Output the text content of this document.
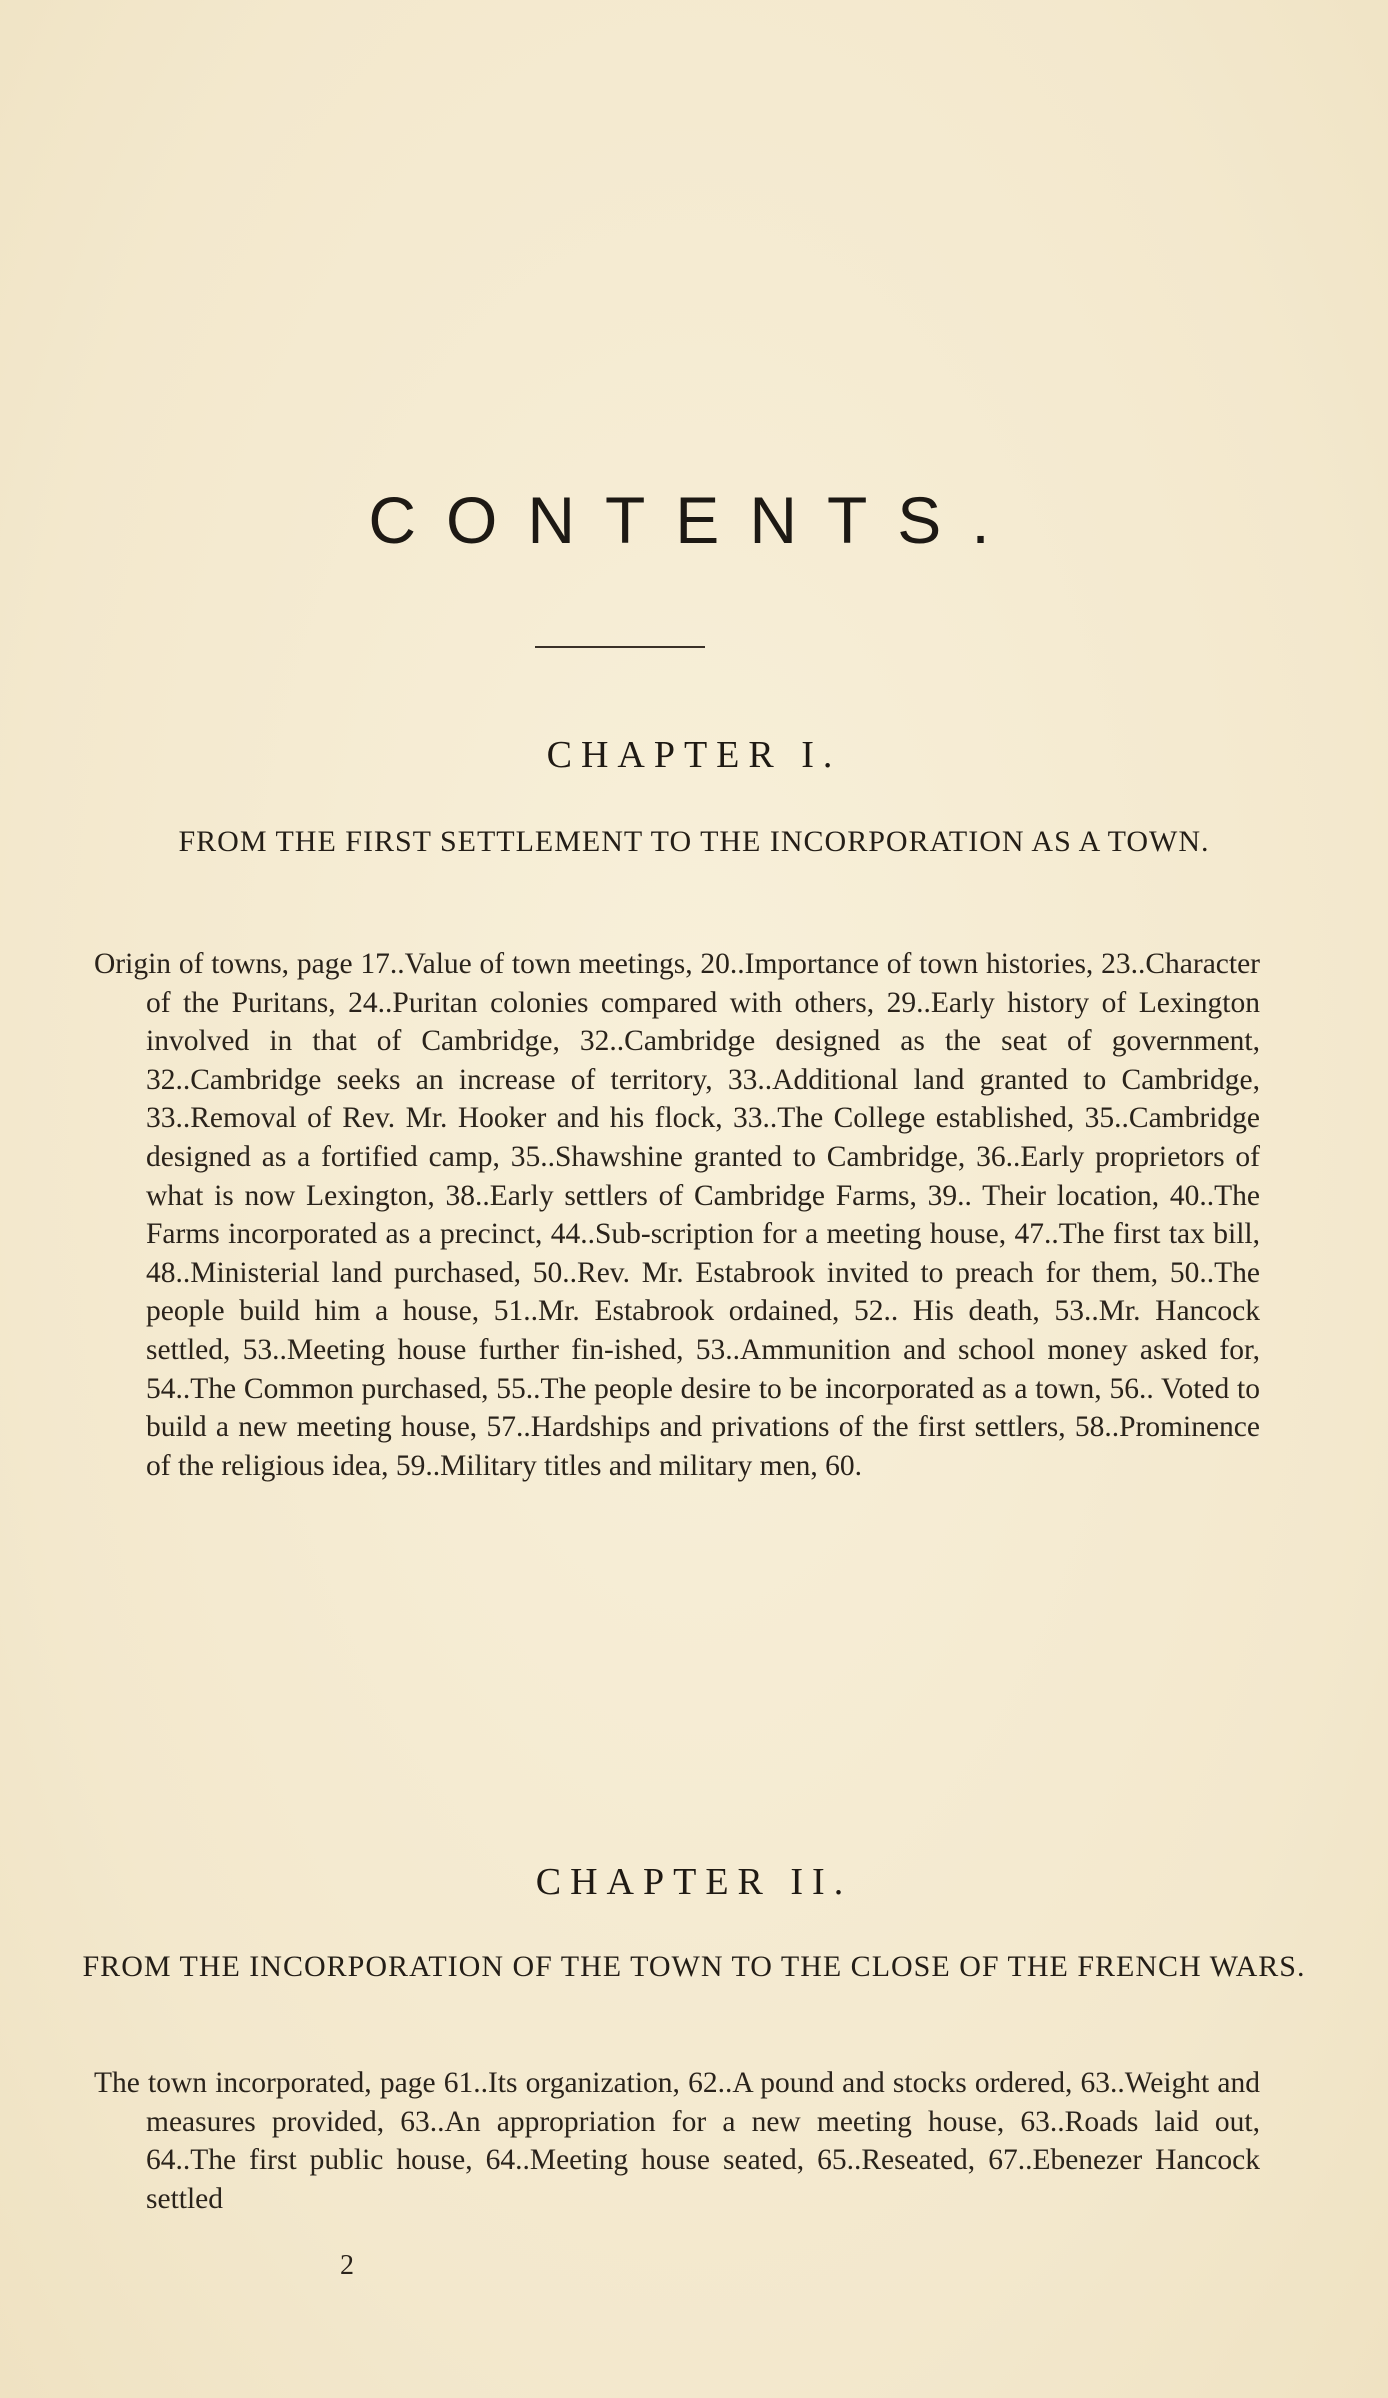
CONTENTS.
CHAPTER I.

FROM THE FIRST SETTLEMENT TO THE INCORPORATION AS A TOWN.

Origin of towns, page 17..Value of town meetings, 20..Importance of town histories, 23..Character of the Puritans, 24..Puritan colonies compared with others, 29..Early history of Lexington involved in that of Cambridge, 32..Cambridge designed as the seat of government, 32..Cambridge seeks an increase of territory, 33..Additional land granted to Cambridge, 33..Removal of Rev. Mr. Hooker and his flock, 33..The College established, 35..Cambridge designed as a fortified camp, 35..Shawshine granted to Cambridge, 36..Early proprietors of what is now Lexington, 38..Early settlers of Cambridge Farms, 39.. Their location, 40..The Farms incorporated as a precinct, 44..Sub-scription for a meeting house, 47..The first tax bill, 48..Ministerial land purchased, 50..Rev. Mr. Estabrook invited to preach for them, 50..The people build him a house, 51..Mr. Estabrook ordained, 52.. His death, 53..Mr. Hancock settled, 53..Meeting house further fin-ished, 53..Ammunition and school money asked for, 54..The Common purchased, 55..The people desire to be incorporated as a town, 56.. Voted to build a new meeting house, 57..Hardships and privations of the first settlers, 58..Prominence of the religious idea, 59..Military titles and military men, 60.

CHAPTER II.

FROM THE INCORPORATION OF THE TOWN TO THE CLOSE OF THE FRENCH WARS.

The town incorporated, page 61..Its organization, 62..A pound and stocks ordered, 63..Weight and measures provided, 63..An appropriation for a new meeting house, 63..Roads laid out, 64..The first public house, 64..Meeting house seated, 65..Reseated, 67..Ebenezer Hancock settled

2
